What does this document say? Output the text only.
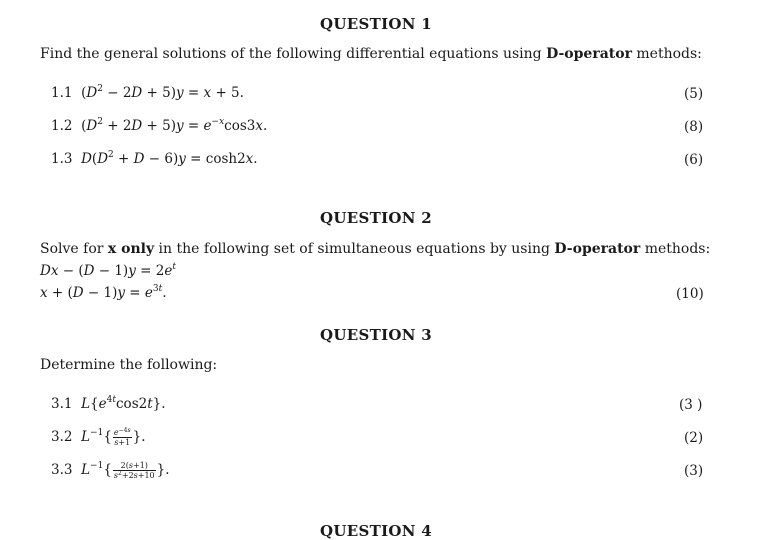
QUESTION 1
Find the general solutions of the following differential equations using D-operator methods:
1.1 $(D^2 - 2D + 5)y = x + 5$.	(5)
1.2 $(D^2 + 2D + 5)y = e^{-x}\cos 3x$.	(8)
1.3 $D(D^2 + D - 6)y = \cosh 2x$.	(6)
QUESTION 2
Solve for x only in the following set of simultaneous equations by using D-operator methods:
$Dx - (D - 1)y = 2e^t$
$x + (D - 1)y = e^{3t}$.	(10)
QUESTION 3
Determine the following:
3.1 $L\{e^{4t}\cos 2t\}$.	(3 )
3.2 $L^{-1}\{ \frac{e^{-4s}}{s+1}$ }.	(2)
3.3 $L^{-1}\{ \frac{2(s+1)}{s^2+2s+10}$ }.	(3)
QUESTION 4
